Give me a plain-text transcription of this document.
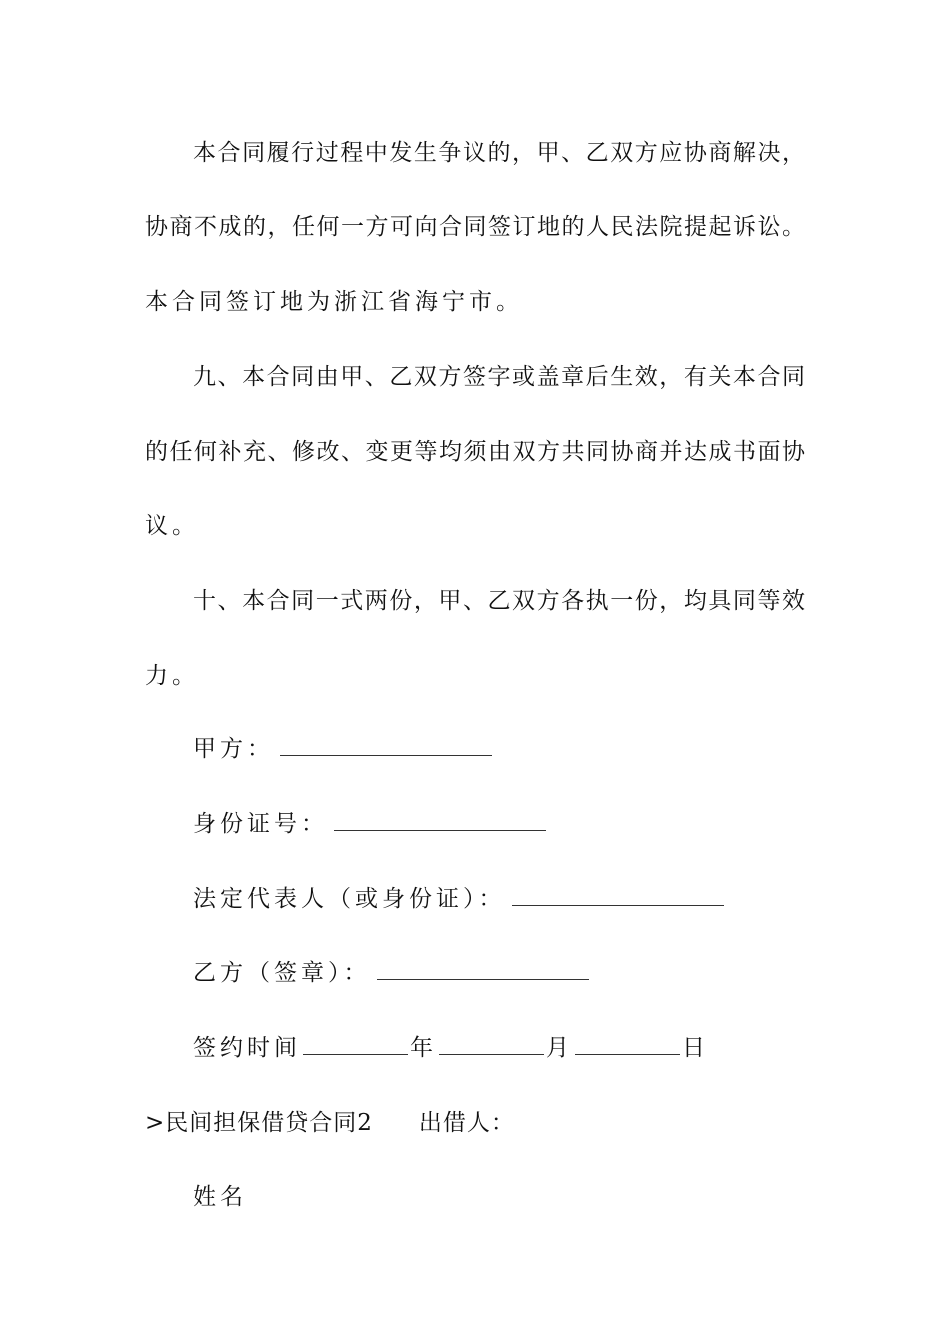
本合同履行过程中发生争议的，甲、乙双方应协商解决，
协商不成的，任何一方可向合同签订地的人民法院提起诉讼。
本合同签订地为浙江省海宁市。
九、本合同由甲、乙双方签字或盖章后生效，有关本合同
的任何补充、修改、变更等均须由双方共同协商并达成书面协
议。
十、本合同一式两份，甲、乙双方各执一份，均具同等效
力。
甲方：
身份证号：
法定代表人（或身份证）：
乙方（签章）：
签约时间	年	月	日
>民间担保借贷合同2 出借人：
姓名
